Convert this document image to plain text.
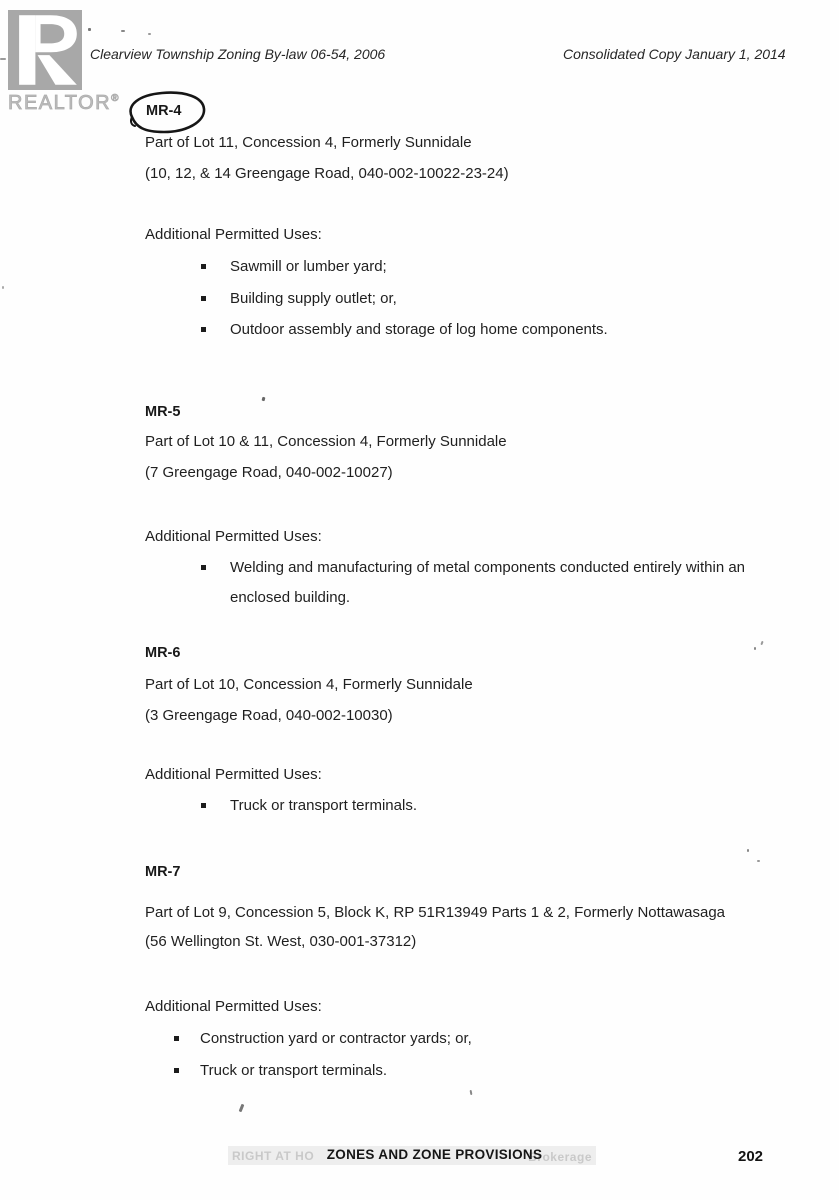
REALTOR®
Clearview Township Zoning By-law 06-54, 2006	Consolidated Copy January 1, 2014
MR-4
Part of Lot 11, Concession 4, Formerly Sunnidale
(10, 12, & 14 Greengage Road, 040-002-10022-23-24)
Additional Permitted Uses:
Sawmill or lumber yard;
Building supply outlet; or,
Outdoor assembly and storage of log home components.
MR-5
Part of Lot 10 & 11, Concession 4, Formerly Sunnidale
(7 Greengage Road, 040-002-10027)
Additional Permitted Uses:
Welding and manufacturing of metal components conducted entirely within an enclosed building.
MR-6
Part of Lot 10, Concession 4, Formerly Sunnidale
(3 Greengage Road, 040-002-10030)
Additional Permitted Uses:
Truck or transport terminals.
MR-7
Part of Lot 9, Concession 5, Block K, RP 51R13949 Parts 1 & 2, Formerly Nottawasaga
(56 Wellington St. West, 030-001-37312)
Additional Permitted Uses:
Construction yard or contractor yards; or,
Truck or transport terminals.
RIGHT AT HO	Brokerage
ZONES AND ZONE PROVISIONS	202
